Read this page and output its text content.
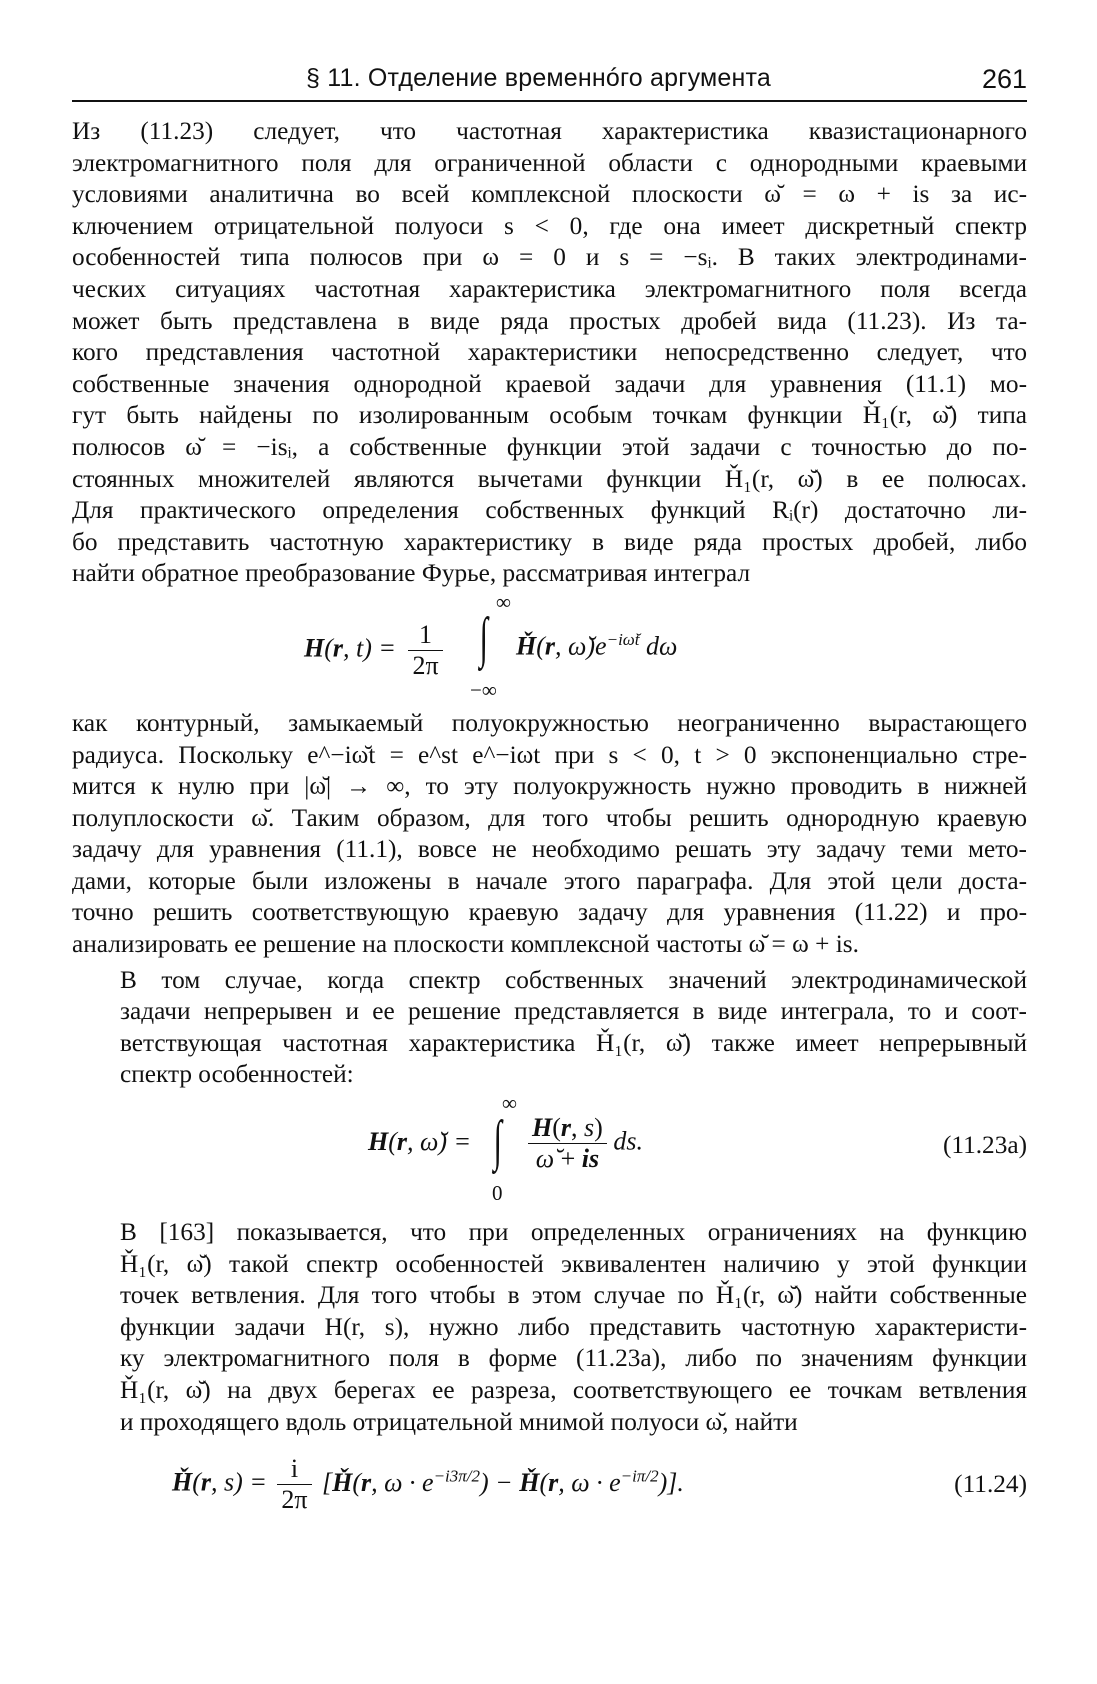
§ 11. Отделение временнóго аргумента	261
Из (11.23) следует, что частотная характеристика квазистационарного
электромагнитного поля для ограниченной области с однородными краевыми
условиями аналитична во всей комплексной плоскости ω̆ = ω + is за ис-
ключением отрицательной полуоси s < 0, где она имеет дискретный спектр
особенностей типа полюсов при ω = 0 и s = −sᵢ. В таких электродинами-
ческих ситуациях частотная характеристика электромагнитного поля всегда
может быть представлена в виде ряда простых дробей вида (11.23). Из та-
кого представления частотной характеристики непосредственно следует, что
собственные значения однородной краевой задачи для уравнения (11.1) мо-
гут быть найдены по изолированным особым точкам функции Ȟ₁(r, ω̆) типа
полюсов ω̆ = −isᵢ, а собственные функции этой задачи с точностью до по-
стоянных множителей являются вычетами функции Ȟ₁(r, ω̆) в ее полюсах.
Для практического определения собственных функций Rᵢ(r) достаточно ли-
бо представить частотную характеристику в виде ряда простых дробей, либо
найти обратное преобразование Фурье, рассматривая интеграл
H(r, $t) = \frac{1}{2\pi}$ ∫
∞
−∞
Ȟ(r, $\omegă)e^{-i\omegăt}$ dω
как контурный, замыкаемый полуокружностью неограниченно вырастающего
радиуса. Поскольку e^−iω̆t = e^st e^−iωt при s < 0, t > 0 экспоненциально стре-
мится к нулю при |ω̆| → ∞, то эту полуокружность нужно проводить в нижней
полуплоскости ω̆. Таким образом, для того чтобы решить однородную краевую
задачу для уравнения (11.1), вовсе не необходимо решать эту задачу теми мето-
дами, которые были изложены в начале этого параграфа. Для этой цели доста-
точно решить соответствующую краевую задачу для уравнения (11.22) и про-
анализировать ее решение на плоскости комплексной частоты ω̆ = ω + is.
В том случае, когда спектр собственных значений электродинамической
задачи непрерывен и ее решение представляется в виде интеграла, то и соот-
ветствующая частотная характеристика Ȟ₁(r, ω̆) также имеет непрерывный
спектр особенностей:
H(r, ω̆) = ∫
∞
0
$\frac{H(r, s)}{\omegă + is}$ ds.	(11.23a)
В [163] показывается, что при определенных ограничениях на функцию
Ȟ₁(r, ω̆) такой спектр особенностей эквивалентен наличию у этой функции
точек ветвления. Для того чтобы в этом случае по Ȟ₁(r, ω̆) найти собственные
функции задачи H(r, s), нужно либо представить частотную характеристи-
ку электромагнитного поля в форме (11.23a), либо по значениям функции
Ȟ₁(r, ω̆) на двух берегах ее разреза, соответствующего ее точкам ветвления
и проходящего вдоль отрицательной мнимой полуоси ω̆, найти
Ȟ(r, $s) = \frac{i}{2\pi}$ [Ȟ(r, $\omega \cdot e^{-i3\pi/2}$) − Ȟ(r, $\omega \cdot e^{-i\pi/2}$)].	(11.24)
